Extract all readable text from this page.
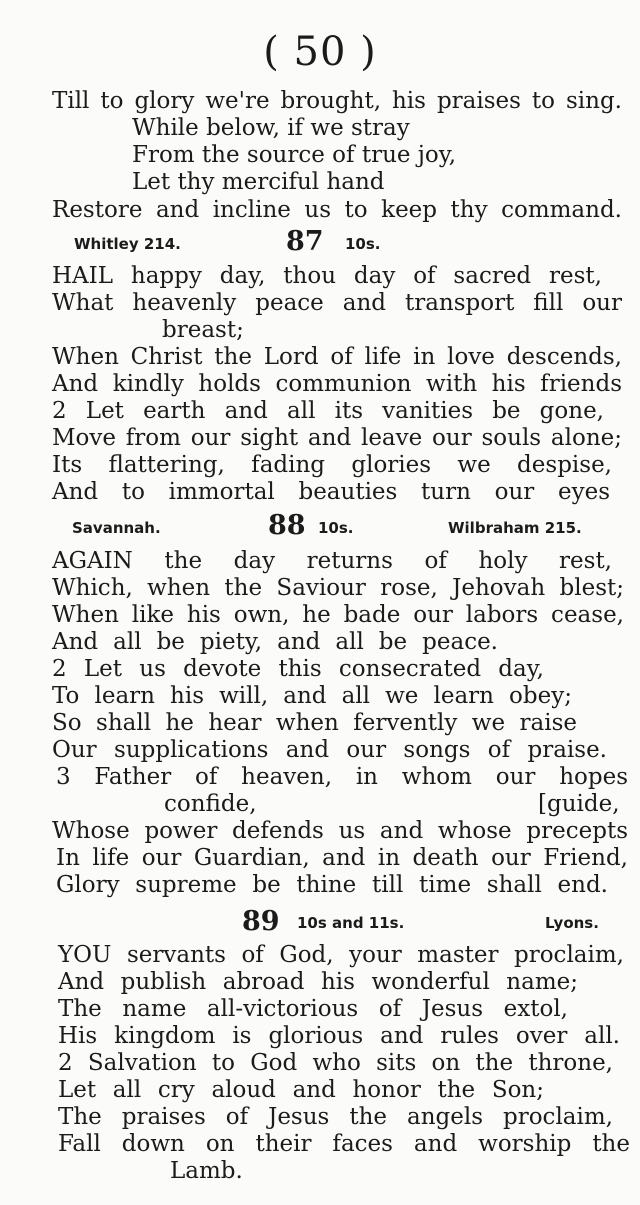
( 50 )

Till to glory we're brought, his praises to sing.

While below, if we stray

From the source of true joy,

Let thy merciful hand

Restore and incline us to keep thy command.

Whitley 214.	87 10s.

HAIL happy day, thou day of sacred rest,

What heavenly peace and transport fill our

breast;

When Christ the Lord of life in love descends,

And kindly holds communion with his friends

2 Let earth and all its vanities be gone,

Move from our sight and leave our souls alone;

Its flattering, fading glories we despise,

And to immortal beauties turn our eyes

Savannah.	88 10s.	Wilbraham 215.

AGAIN the day returns of holy rest,

Which, when the Saviour rose, Jehovah blest;

When like his own, he bade our labors cease,

And all be piety, and all be peace.

2 Let us devote this consecrated day,

To learn his will, and all we learn obey;

So shall he hear when fervently we raise

Our supplications and our songs of praise.

3 Father of heaven, in whom our hopes

confide,	[guide,

Whose power defends us and whose precepts

In life our Guardian, and in death our Friend,

Glory supreme be thine till time shall end.

89 10s and 11s.	Lyons.

YOU servants of God, your master proclaim,

And publish abroad his wonderful name;

The name all-victorious of Jesus extol,

His kingdom is glorious and rules over all.

2 Salvation to God who sits on the throne,

Let all cry aloud and honor the Son;

The praises of Jesus the angels proclaim,

Fall down on their faces and worship the

Lamb.
